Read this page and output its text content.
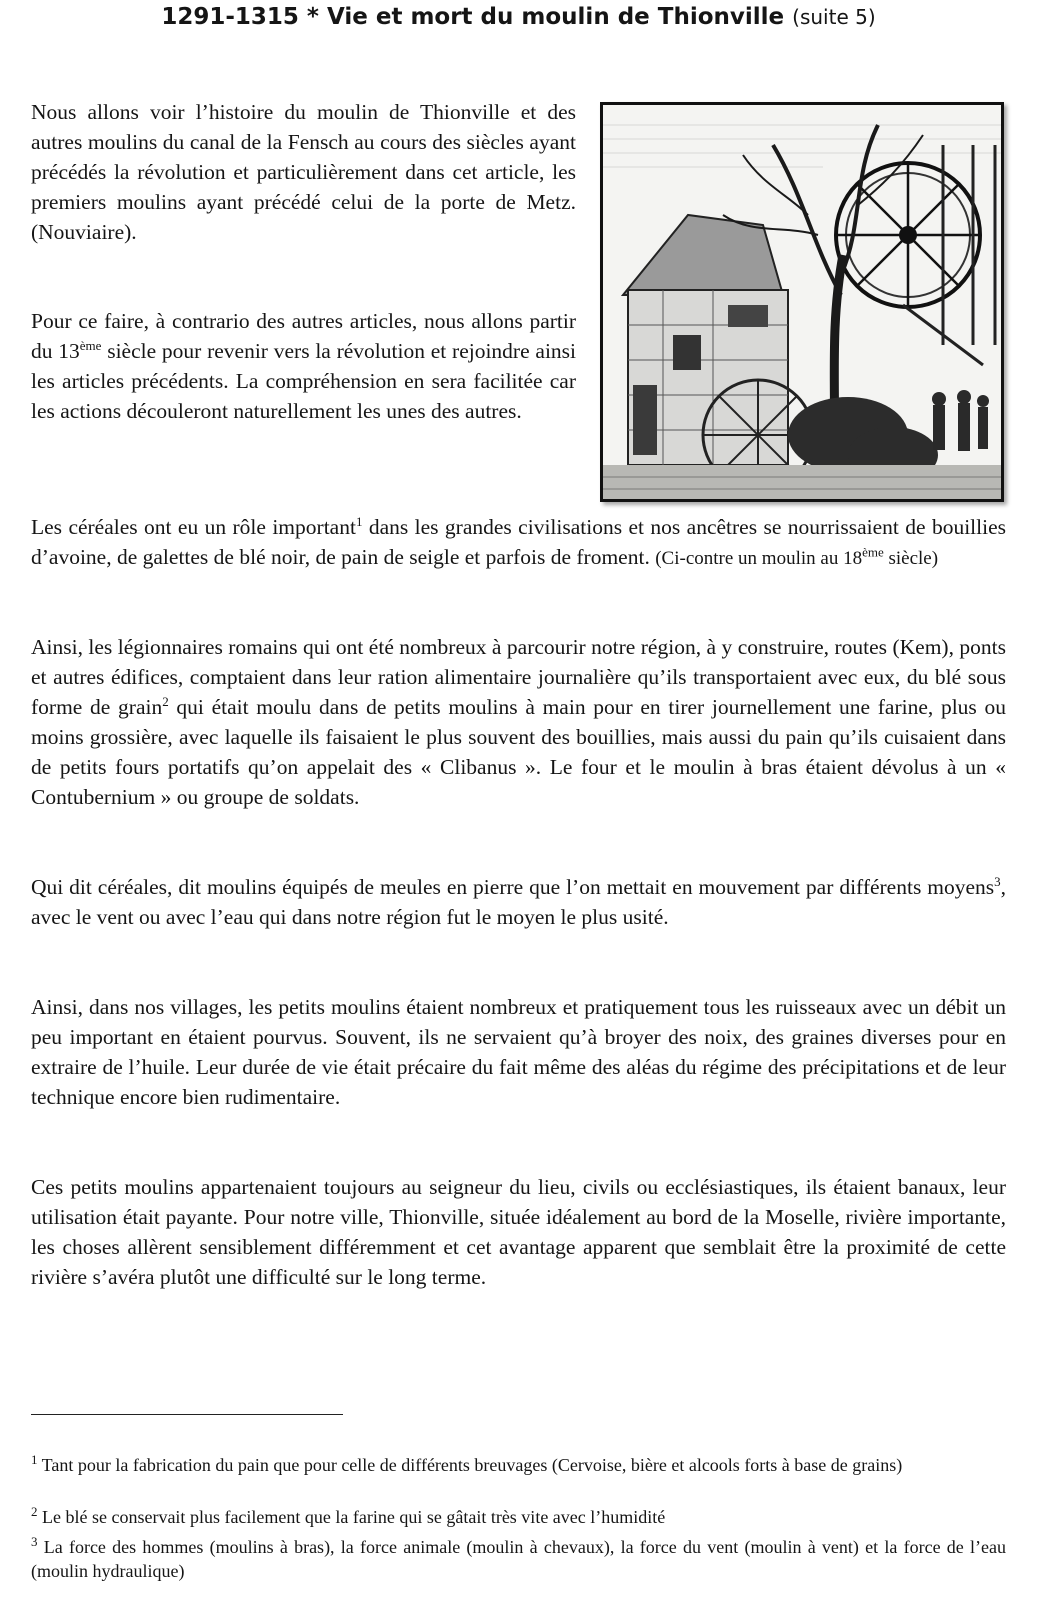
1291-1315 * Vie et mort du moulin de Thionville (suite 5)

Nous allons voir l’histoire du moulin de Thionville et des autres moulins du canal de la Fensch au cours des siècles ayant précédés la révolution et particulièrement dans cet article, les premiers moulins ayant précédé celui de la porte de Metz. (Nouviaire).

Pour ce faire, à contrario des autres articles, nous allons partir du 13ème siècle pour revenir vers la révolution et rejoindre ainsi les articles précédents. La compréhension en sera facilitée car les actions découleront naturellement les unes des autres.

Les céréales ont eu un rôle important$^1$ dans les grandes civilisations et nos ancêtres se nourrissaient de bouillies d’avoine, de galettes de blé noir, de pain de seigle et parfois de froment. (Ci-contre un moulin au 18ème siècle)

Ainsi, les légionnaires romains qui ont été nombreux à parcourir notre région, à y construire, routes (Kem), ponts et autres édifices, comptaient dans leur ration alimentaire journalière qu’ils transportaient avec eux, du blé sous forme de grain$^2$ qui était moulu dans de petits moulins à main pour en tirer journellement une farine, plus ou moins grossière, avec laquelle ils faisaient le plus souvent des bouillies, mais aussi du pain qu’ils cuisaient dans de petits fours portatifs qu’on appelait des « Clibanus ». Le four et le moulin à bras étaient dévolus à un « Contubernium » ou groupe de soldats.

Qui dit céréales, dit moulins équipés de meules en pierre que l’on mettait en mouvement par différents moyens$^3$, avec le vent ou avec l’eau qui dans notre région fut le moyen le plus usité.

Ainsi, dans nos villages, les petits moulins étaient nombreux et pratiquement tous les ruisseaux avec un débit un peu important en étaient pourvus. Souvent, ils ne servaient qu’à broyer des noix, des graines diverses pour en extraire de l’huile. Leur durée de vie était précaire du fait même des aléas du régime des précipitations et de leur technique encore bien rudimentaire.

Ces petits moulins appartenaient toujours au seigneur du lieu, civils ou ecclésiastiques, ils étaient banaux, leur utilisation était payante. Pour notre ville, Thionville, située idéalement au bord de la Moselle, rivière importante, les choses allèrent sensiblement différemment et cet avantage apparent que semblait être la proximité de cette rivière s’avéra plutôt une difficulté sur le long terme.

$^1$ Tant pour la fabrication du pain que pour celle de différents breuvages (Cervoise, bière et alcools forts à base de grains)

$^2$ Le blé se conservait plus facilement que la farine qui se gâtait très vite avec l’humidité

$^3$ La force des hommes (moulins à bras), la force animale (moulin à chevaux), la force du vent (moulin à vent) et la force de l’eau (moulin hydraulique)
